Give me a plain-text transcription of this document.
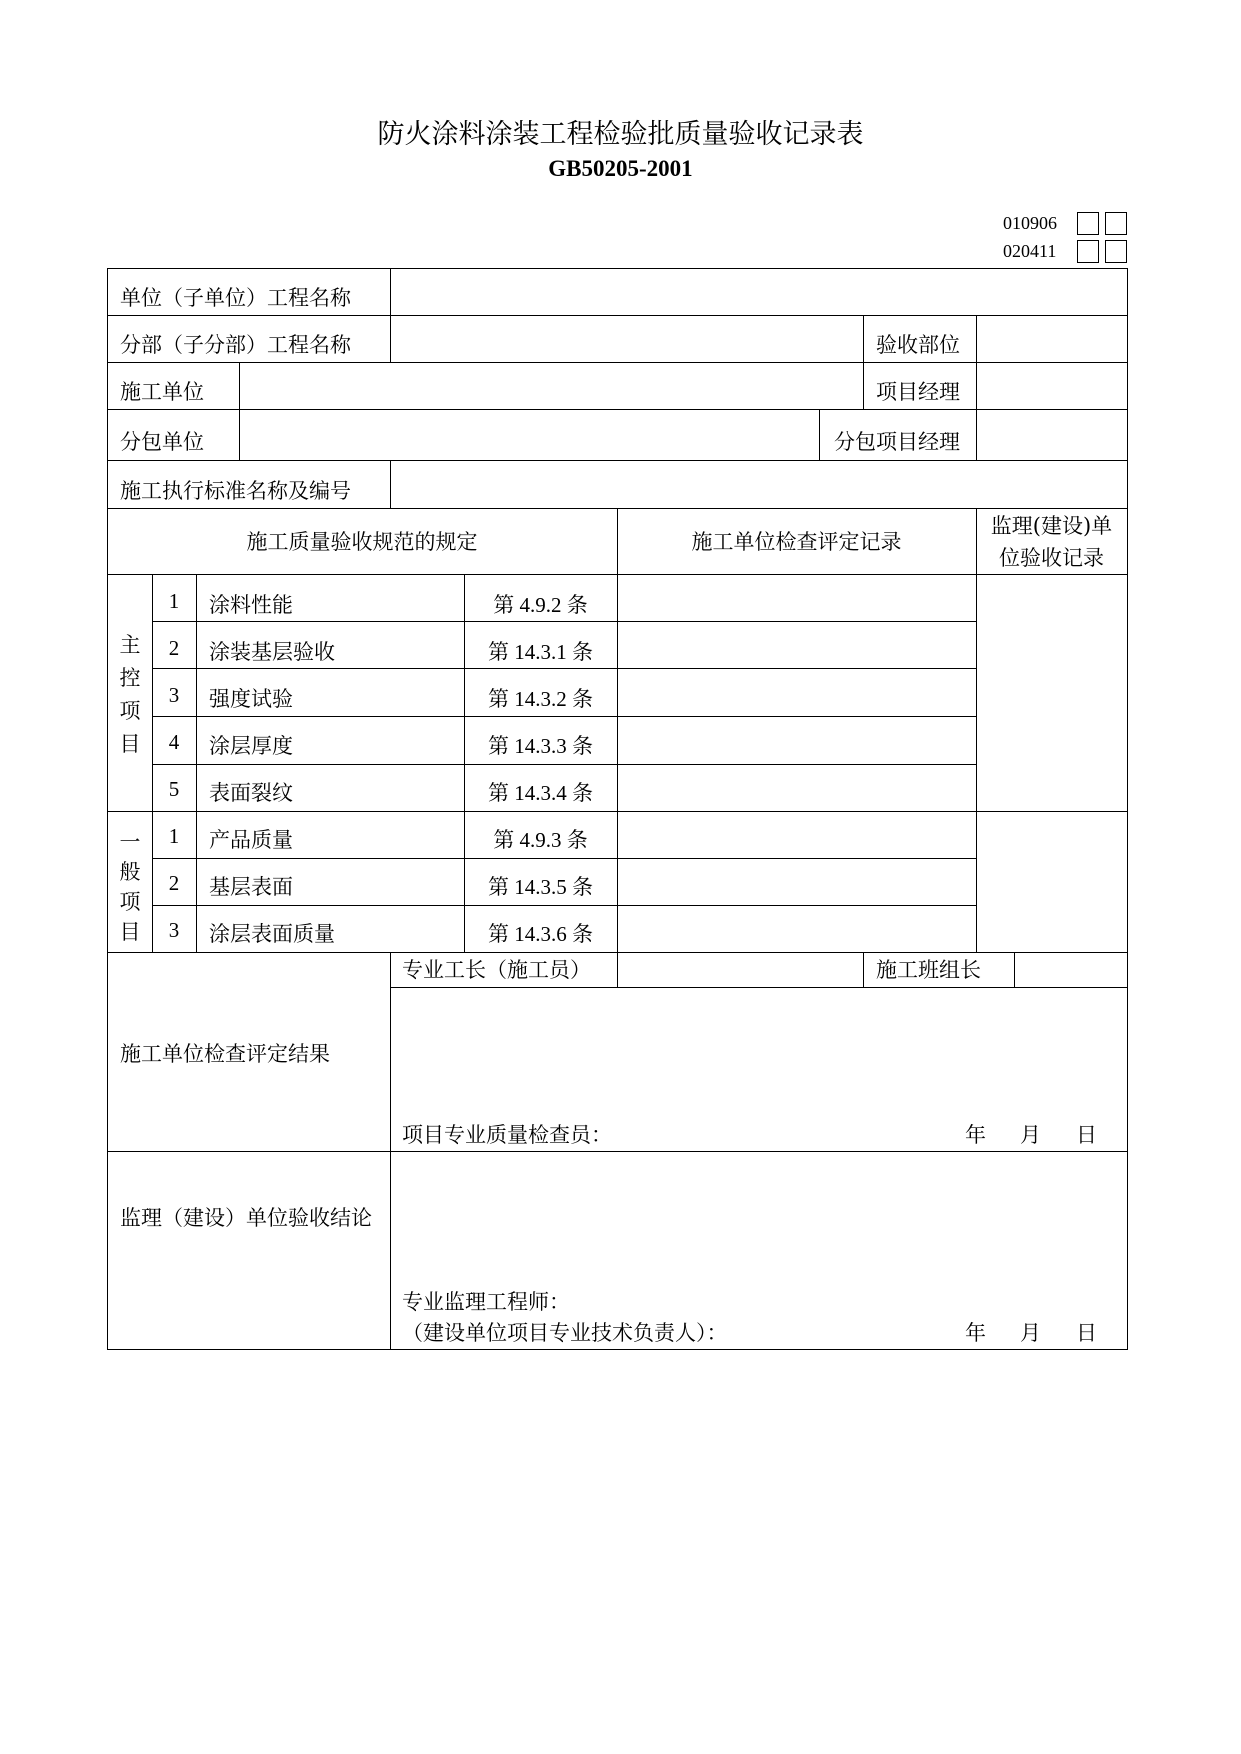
防火涂料涂装工程检验批质量验收记录表
GB50205-2001
010906
020411
单位（子单位）工程名称
分部（子分部）工程名称	验收部位
施工单位	项目经理
分包单位	分包项目经理
施工执行标准名称及编号
施工质量验收规范的规定	施工单位检查评定记录
监理(建设)单
位验收记录
主
控
项
目
1	涂料性能	第 4.9.2 条
2	涂装基层验收	第 14.3.1 条
3	强度试验	第 14.3.2 条
4	涂层厚度	第 14.3.3 条
5	表面裂纹	第 14.3.4 条
一
般
项
目
1	产品质量	第 4.9.3 条
2	基层表面	第 14.3.5 条
3	涂层表面质量	第 14.3.6 条
专业工长（施工员）	施工班组长
施工单位检查评定结果
项目专业质量检查员：	年 月 日
监理（建设）单位验收结论
专业监理工程师：
（建设单位项目专业技术负责人）：	年 月 日
